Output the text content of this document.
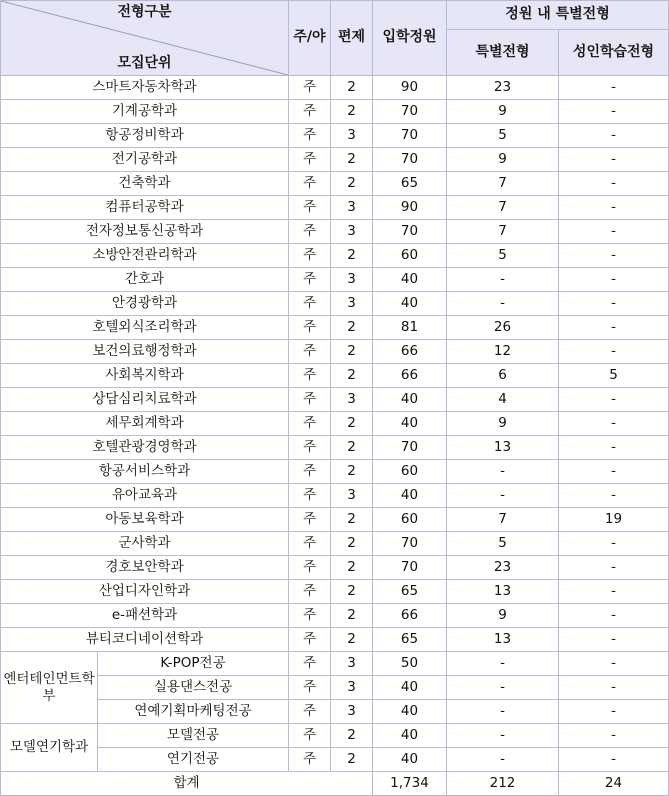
전형구분
모집단위		주/야	편제	입학정원	정원 내 특별전형	
					특별전형	성인학습전형
스마트자동차학과		주	2	90	23	-
기계공학과		주	2	70	9	-
항공정비학과		주	3	70	5	-
전기공학과		주	2	70	9	-
건축학과		주	2	65	7	-
컴퓨터공학과		주	3	90	7	-
전자정보통신공학과		주	3	70	7	-
소방안전관리학과		주	2	60	5	-
간호과		주	3	40	-	-
안경광학과		주	3	40	-	-
호텔외식조리학과		주	2	81	26	-
보건의료행정학과		주	2	66	12	-
사회복지학과		주	2	66	6	5
상담심리치료학과		주	3	40	4	-
세무회계학과		주	2	40	9	-
호텔관광경영학과		주	2	70	13	-
항공서비스학과		주	2	60	-	-
유아교육과		주	3	40	-	-
아동보육학과		주	2	60	7	19
군사학과		주	2	70	5	-
경호보안학과		주	2	70	23	-
산업디자인학과		주	2	65	13	-
e-패션학과		주	2	66	9	-
뷰티코디네이션학과		주	2	65	13	-
엔터테인먼트학부	K-POP전공	주	3	50	-	-
	실용댄스전공	주	3	40	-	-
	연예기획마케팅전공	주	3	40	-	-
모델연기학과	모델전공	주	2	40	-	-
	연기전공	주	2	40	-	-
합계				1,734	212	24
